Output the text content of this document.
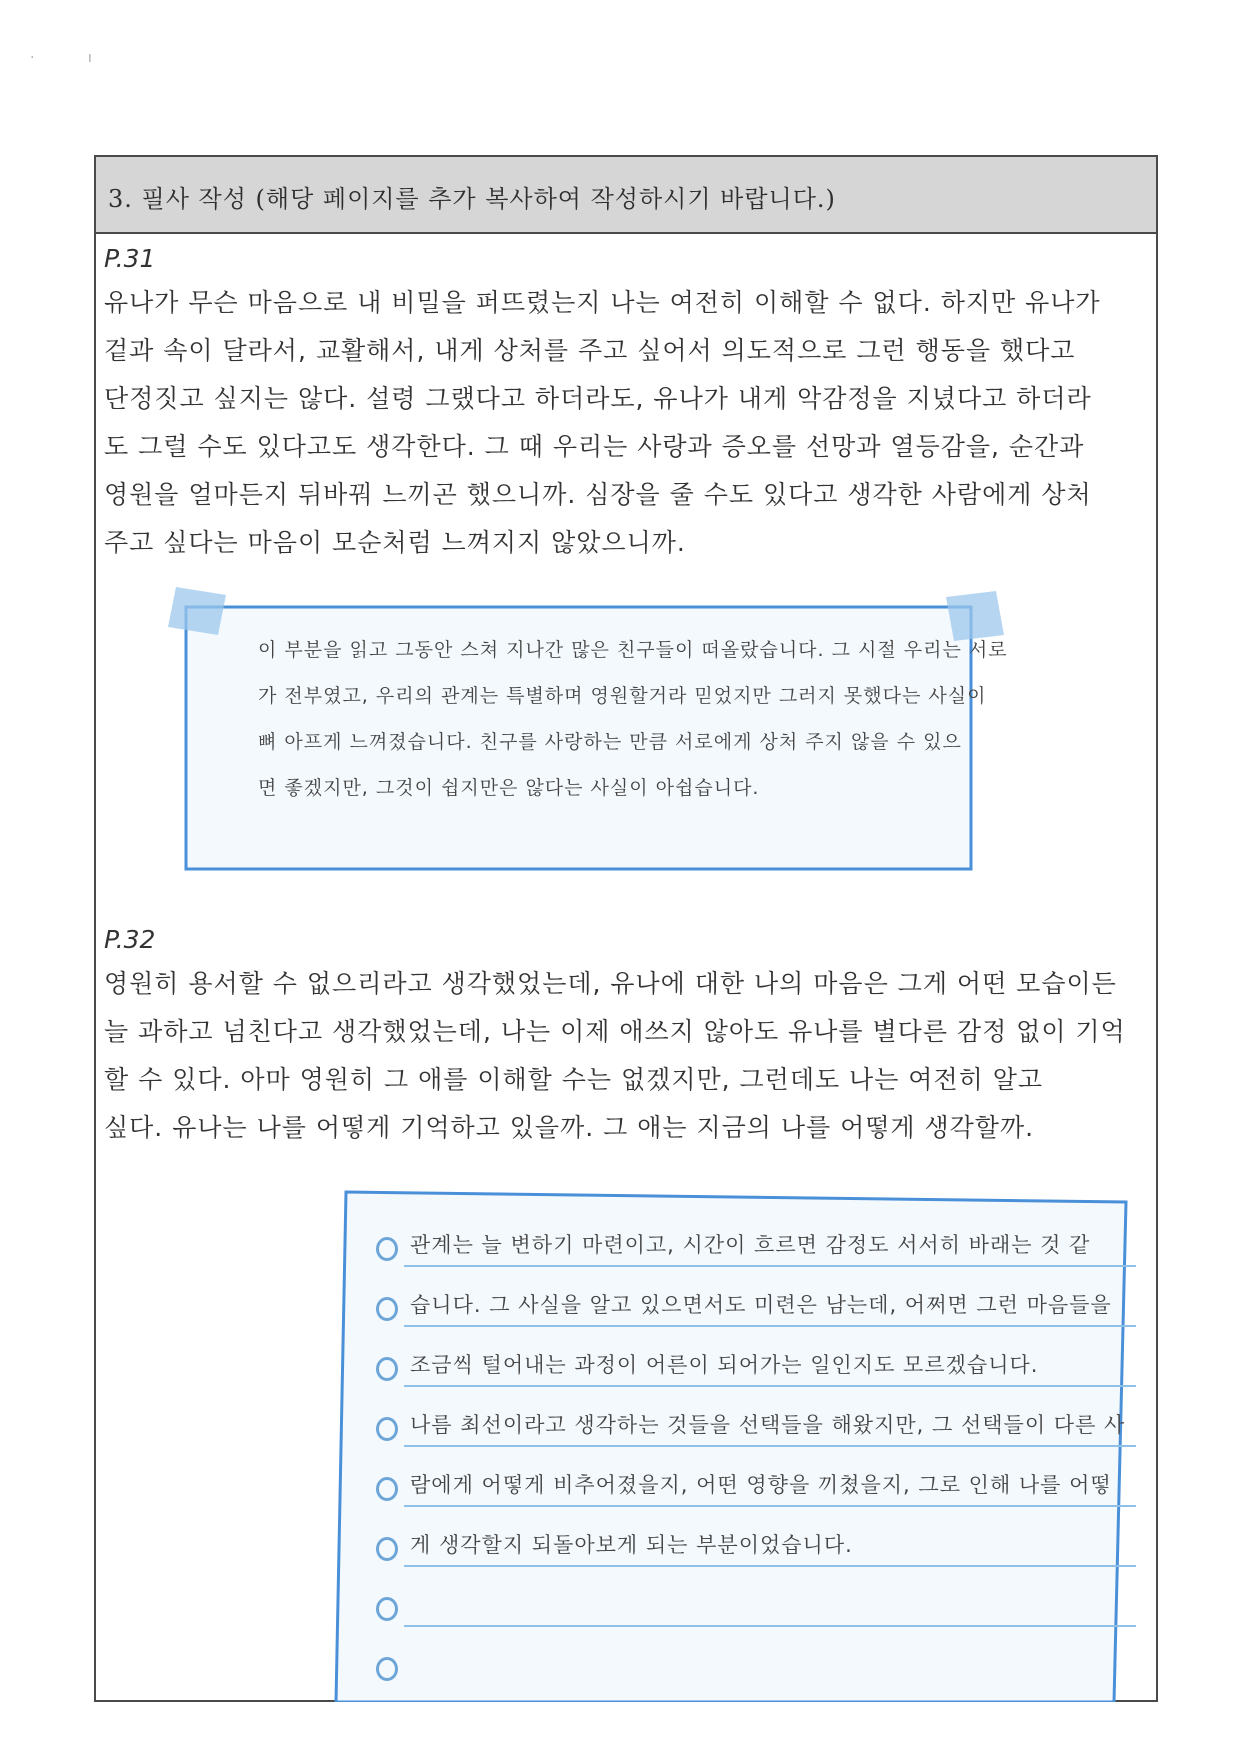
·            ı
3. 필사 작성 (해당 페이지를 추가 복사하여 작성하시기 바랍니다.)
P.31
유나가 무슨 마음으로 내 비밀을 퍼뜨렸는지 나는 여전히 이해할 수 없다. 하지만 유나가
겉과 속이 달라서, 교활해서, 내게 상처를 주고 싶어서 의도적으로 그런 행동을 했다고
단정짓고 싶지는 않다. 설령 그랬다고 하더라도, 유나가 내게 악감정을 지녔다고 하더라
도 그럴 수도 있다고도 생각한다. 그 때 우리는 사랑과 증오를 선망과 열등감을, 순간과
영원을 얼마든지 뒤바꿔 느끼곤 했으니까. 심장을 줄 수도 있다고 생각한 사람에게 상처
주고 싶다는 마음이 모순처럼 느껴지지 않았으니까.
이 부분을 읽고 그동안 스쳐 지나간 많은 친구들이 떠올랐습니다. 그 시절 우리는 서로
가 전부였고, 우리의 관계는 특별하며 영원할거라 믿었지만 그러지 못했다는 사실이
뼈 아프게 느껴졌습니다. 친구를 사랑하는 만큼 서로에게 상처 주지 않을 수 있으
면 좋겠지만, 그것이 쉽지만은 않다는 사실이 아쉽습니다.
P.32
영원히 용서할 수 없으리라고 생각했었는데, 유나에 대한 나의 마음은 그게 어떤 모습이든
늘 과하고 넘친다고 생각했었는데, 나는 이제 애쓰지 않아도 유나를 별다른 감정 없이 기억
할 수 있다. 아마 영원히 그 애를 이해할 수는 없겠지만, 그런데도 나는 여전히 알고
싶다. 유나는 나를 어떻게 기억하고 있을까. 그 애는 지금의 나를 어떻게 생각할까.
관계는 늘 변하기 마련이고, 시간이 흐르면 감정도 서서히 바래는 것 같
습니다. 그 사실을 알고 있으면서도 미련은 남는데, 어쩌면 그런 마음들을
조금씩 털어내는 과정이 어른이 되어가는 일인지도 모르겠습니다.
나름 최선이라고 생각하는 것들을 선택들을 해왔지만, 그 선택들이 다른 사
람에게 어떻게 비추어졌을지, 어떤 영향을 끼쳤을지, 그로 인해 나를 어떻
게 생각할지 되돌아보게 되는 부분이었습니다.
